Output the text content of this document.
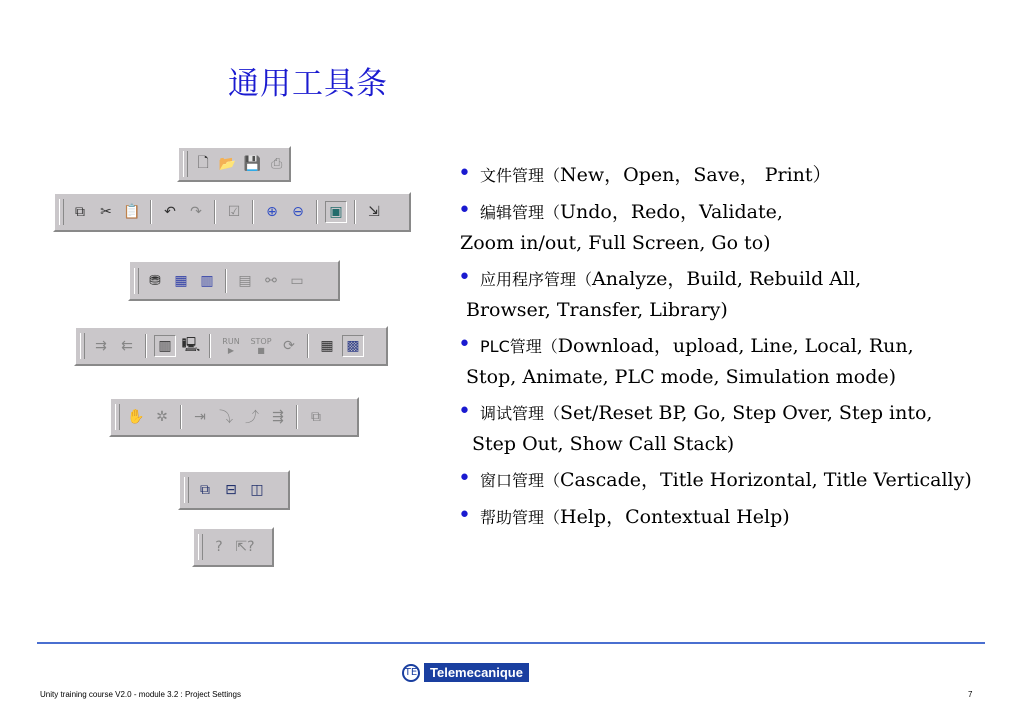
通用工具条
🗋 📂 💾 ⎙
⧉	✂ 📋	↶	↷	☑	⊕	⊖	▣	⇲
⛃ ▦ ▥	▤ ⚯ ▭
⇉	⇇	▥ 🖳	RUN
▶
STOP
■	⟳	▦ ▩
✋ ✲	⇥ ⤵ ⤴ ⇶	⧉
⧉	⊟ ◫
? ⇱?
• 文件管理（New，Open，Save， Print）
• 编辑管理（Undo，Redo，Validate,
Zoom in/out, Full Screen, Go to)
• 应用程序管理（Analyze，Build, Rebuild All,
Browser, Transfer, Library)
• PLC管理（Download，upload, Line, Local, Run,
Stop, Animate, PLC mode, Simulation mode)
• 调试管理（Set/Reset BP, Go, Step Over, Step into,
Step Out, Show Call Stack)
• 窗口管理（Cascade，Title Horizontal, Title Vertically)
• 帮助管理（Help，Contextual Help)
TE Telemecanique
Unity training course V2.0 - module 3.2 : Project Settings	7
